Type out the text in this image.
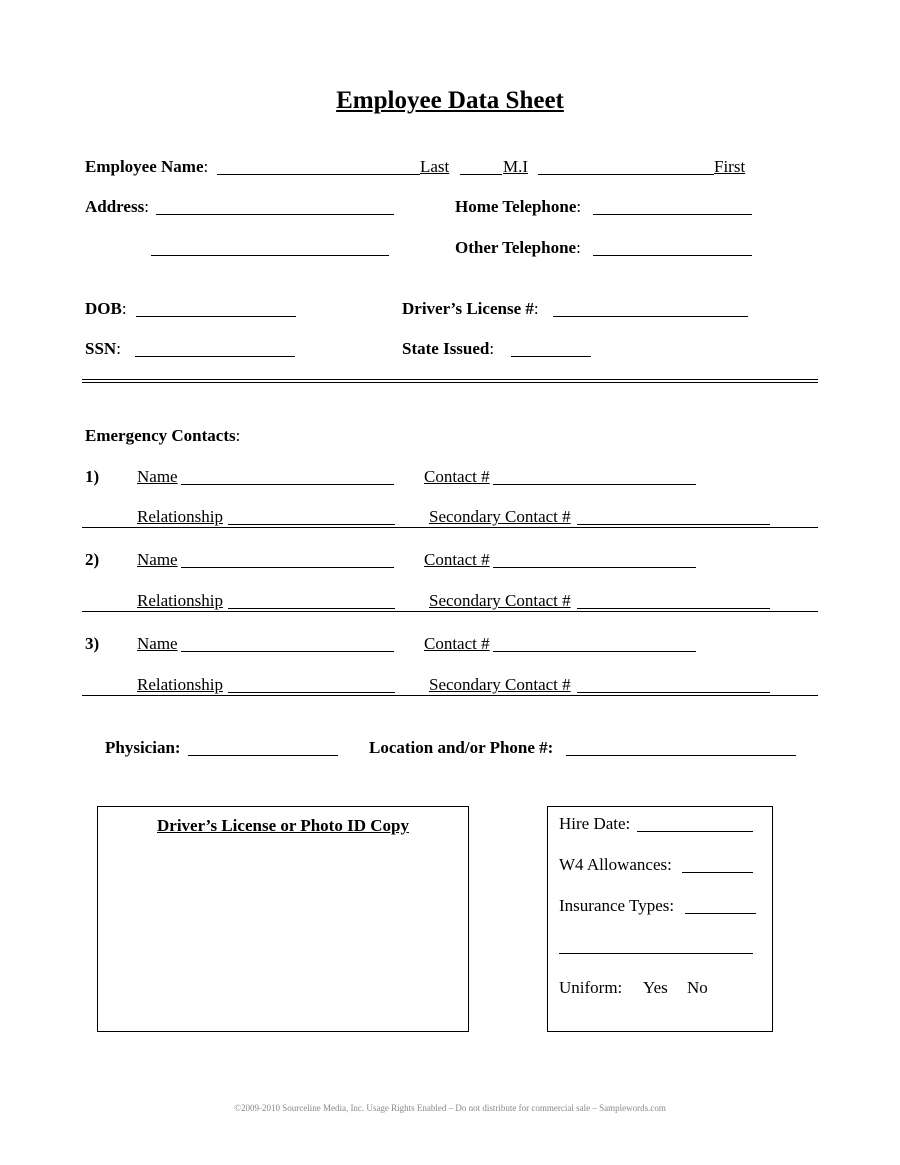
Employee Data Sheet
Employee Name:	Last	M.I	First
Address:	Home Telephone:
Other Telephone:
DOB:	Driver’s License #:
SSN:	State Issued:
Emergency Contacts:
1) Name	Contact #
Relationship	Secondary Contact #
2) Name	Contact #
Relationship	Secondary Contact #
3) Name	Contact #
Relationship	Secondary Contact #
Physician:	Location and/or Phone #:
Driver’s License or Photo ID Copy	Hire Date:
W4 Allowances:
Insurance Types:
Uniform: Yes No
©2009-2010 Sourceline Media, Inc. Usage Rights Enabled – Do not distribute for commercial sale – Samplewords.com
